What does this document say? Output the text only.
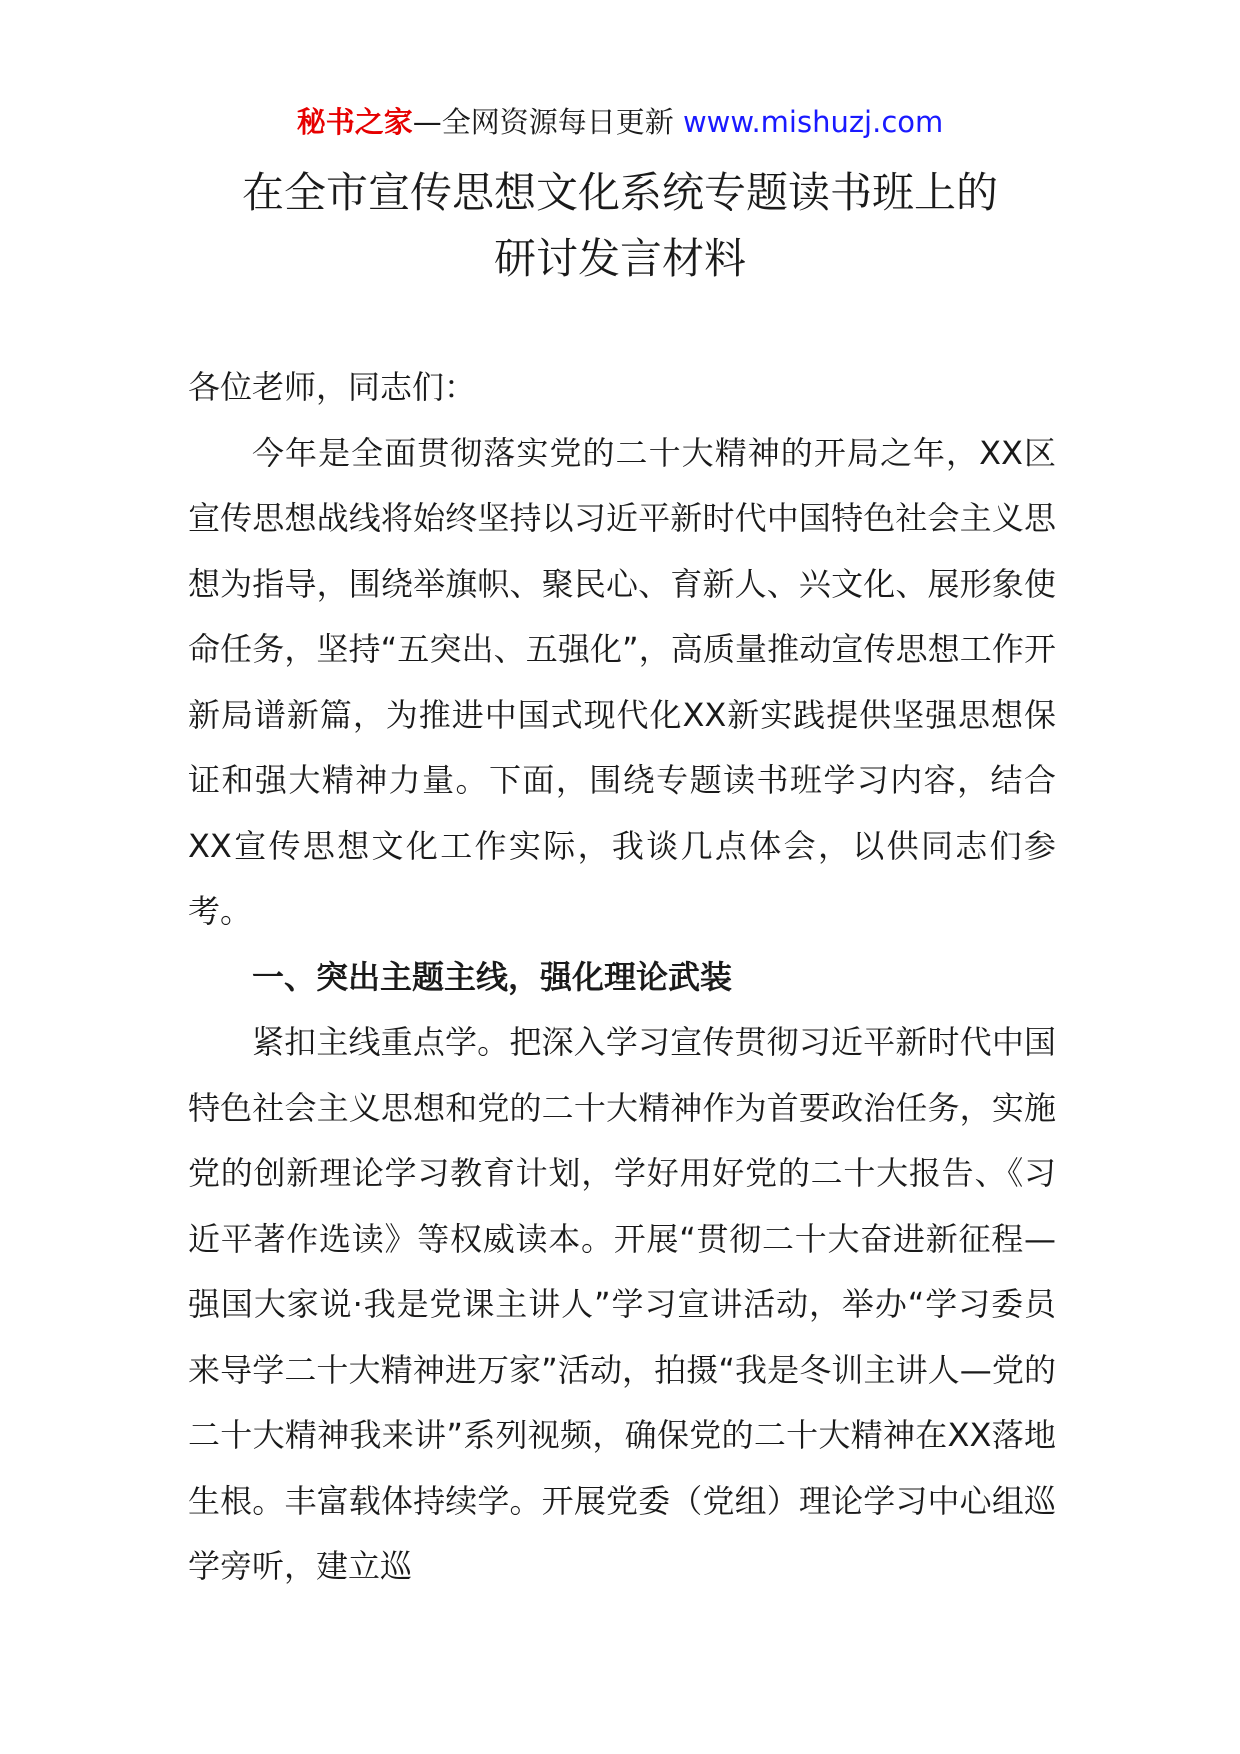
秘书之家—全网资源每日更新 www.mishuzj.com
在全市宣传思想文化系统专题读书班上的
研讨发言材料

各位老师，同志们：

今年是全面贯彻落实党的二十大精神的开局之年，XX区宣传思想战线将始终坚持以习近平新时代中国特色社会主义思想为指导，围绕举旗帜、聚民心、育新人、兴文化、展形象使命任务，坚持“五突出、五强化”，高质量推动宣传思想工作开新局谱新篇，为推进中国式现代化XX新实践提供坚强思想保证和强大精神力量。下面，围绕专题读书班学习内容，结合XX宣传思想文化工作实际，我谈几点体会，以供同志们参考。

一、突出主题主线，强化理论武装

紧扣主线重点学。把深入学习宣传贯彻习近平新时代中国特色社会主义思想和党的二十大精神作为首要政治任务，实施党的创新理论学习教育计划，学好用好党的二十大报告、《习近平著作选读》等权威读本。开展“贯彻二十大奋进新征程—强国大家说·我是党课主讲人”学习宣讲活动，举办“学习委员来导学二十大精神进万家”活动，拍摄“我是冬训主讲人—党的二十大精神我来讲”系列视频，确保党的二十大精神在XX落地生根。丰富载体持续学。开展党委（党组）理论学习中心组巡学旁听，建立巡
